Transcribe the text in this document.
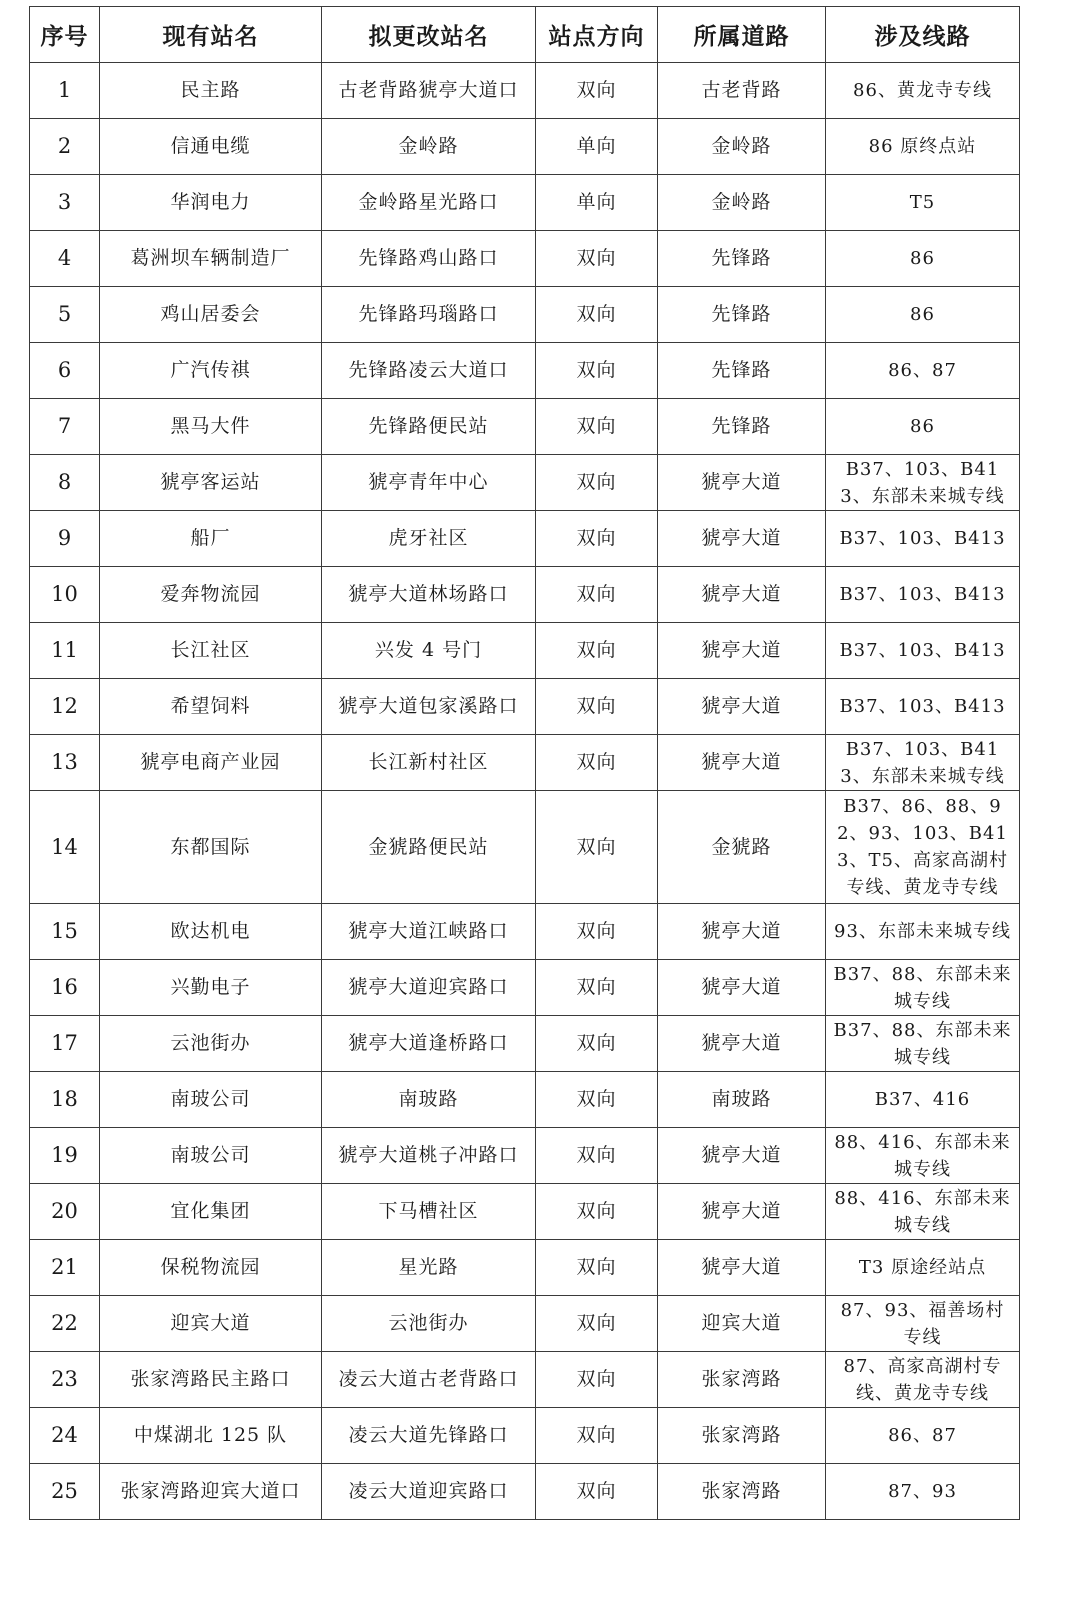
序号	现有站名	拟更改站名	站点方向	所属道路	涉及线路
1	民主路	古老背路猇亭大道口	双向	古老背路	86、黄龙寺专线
2	信通电缆	金岭路	单向	金岭路	86 原终点站
3	华润电力	金岭路星光路口	单向	金岭路	T5
4	葛洲坝车辆制造厂	先锋路鸡山路口	双向	先锋路	86
5	鸡山居委会	先锋路玛瑙路口	双向	先锋路	86
6	广汽传祺	先锋路凌云大道口	双向	先锋路	86、87
7	黑马大件	先锋路便民站	双向	先锋路	86
8	猇亭客运站	猇亭青年中心	双向	猇亭大道	B37、103、B413、东部未来城专线
9	船厂	虎牙社区	双向	猇亭大道	B37、103、B413
10	爱奔物流园	猇亭大道林场路口	双向	猇亭大道	B37、103、B413
11	长江社区	兴发 4 号门	双向	猇亭大道	B37、103、B413
12	希望饲料	猇亭大道包家溪路口	双向	猇亭大道	B37、103、B413
13	猇亭电商产业园	长江新村社区	双向	猇亭大道	B37、103、B413、东部未来城专线
14	东都国际	金猇路便民站	双向	金猇路	B37、86、88、92、93、103、B413、T5、高家高湖村专线、黄龙寺专线
15	欧达机电	猇亭大道江峡路口	双向	猇亭大道	93、东部未来城专线
16	兴勤电子	猇亭大道迎宾路口	双向	猇亭大道	B37、88、东部未来城专线
17	云池街办	猇亭大道逢桥路口	双向	猇亭大道	B37、88、东部未来城专线
18	南玻公司	南玻路	双向	南玻路	B37、416
19	南玻公司	猇亭大道桃子冲路口	双向	猇亭大道	88、416、东部未来城专线
20	宜化集团	下马槽社区	双向	猇亭大道	88、416、东部未来城专线
21	保税物流园	星光路	双向	猇亭大道	T3 原途经站点
22	迎宾大道	云池街办	双向	迎宾大道	87、93、福善场村专线
23	张家湾路民主路口	凌云大道古老背路口	双向	张家湾路	87、高家高湖村专线、黄龙寺专线
24	中煤湖北 125 队	凌云大道先锋路口	双向	张家湾路	86、87
25	张家湾路迎宾大道口	凌云大道迎宾路口	双向	张家湾路	87、93
